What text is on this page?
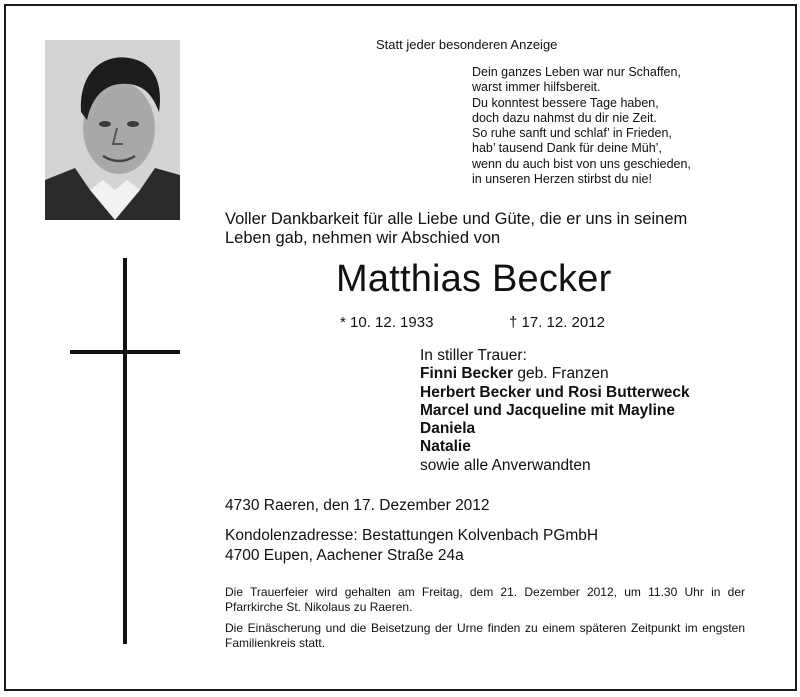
Statt jeder besonderen Anzeige
Dein ganzes Leben war nur Schaffen,
warst immer hilfsbereit.
Du konntest bessere Tage haben,
doch dazu nahmst du dir nie Zeit.
So ruhe sanft und schlaf’ in Frieden,
hab’ tausend Dank für deine Müh’,
wenn du auch bist von uns geschieden,
in unseren Herzen stirbst du nie!
Voller Dankbarkeit für alle Liebe und Güte, die er uns in seinem
Leben gab, nehmen wir Abschied von
Matthias Becker
* 10. 12. 1933	† 17. 12. 2012
In stiller Trauer:
Finni Becker geb. Franzen
Herbert Becker und Rosi Butterweck
Marcel und Jacqueline mit Mayline
Daniela
Natalie
sowie alle Anverwandten
4730 Raeren, den 17. Dezember 2012
Kondolenzadresse: Bestattungen Kolvenbach PGmbH
4700 Eupen, Aachener Straße 24a
Die Trauerfeier wird gehalten am Freitag, dem 21. Dezember 2012, um 11.30 Uhr in der Pfarrkirche St. Nikolaus zu Raeren.
Die Einäscherung und die Beisetzung der Urne finden zu einem späteren Zeitpunkt im engsten Familienkreis statt.
